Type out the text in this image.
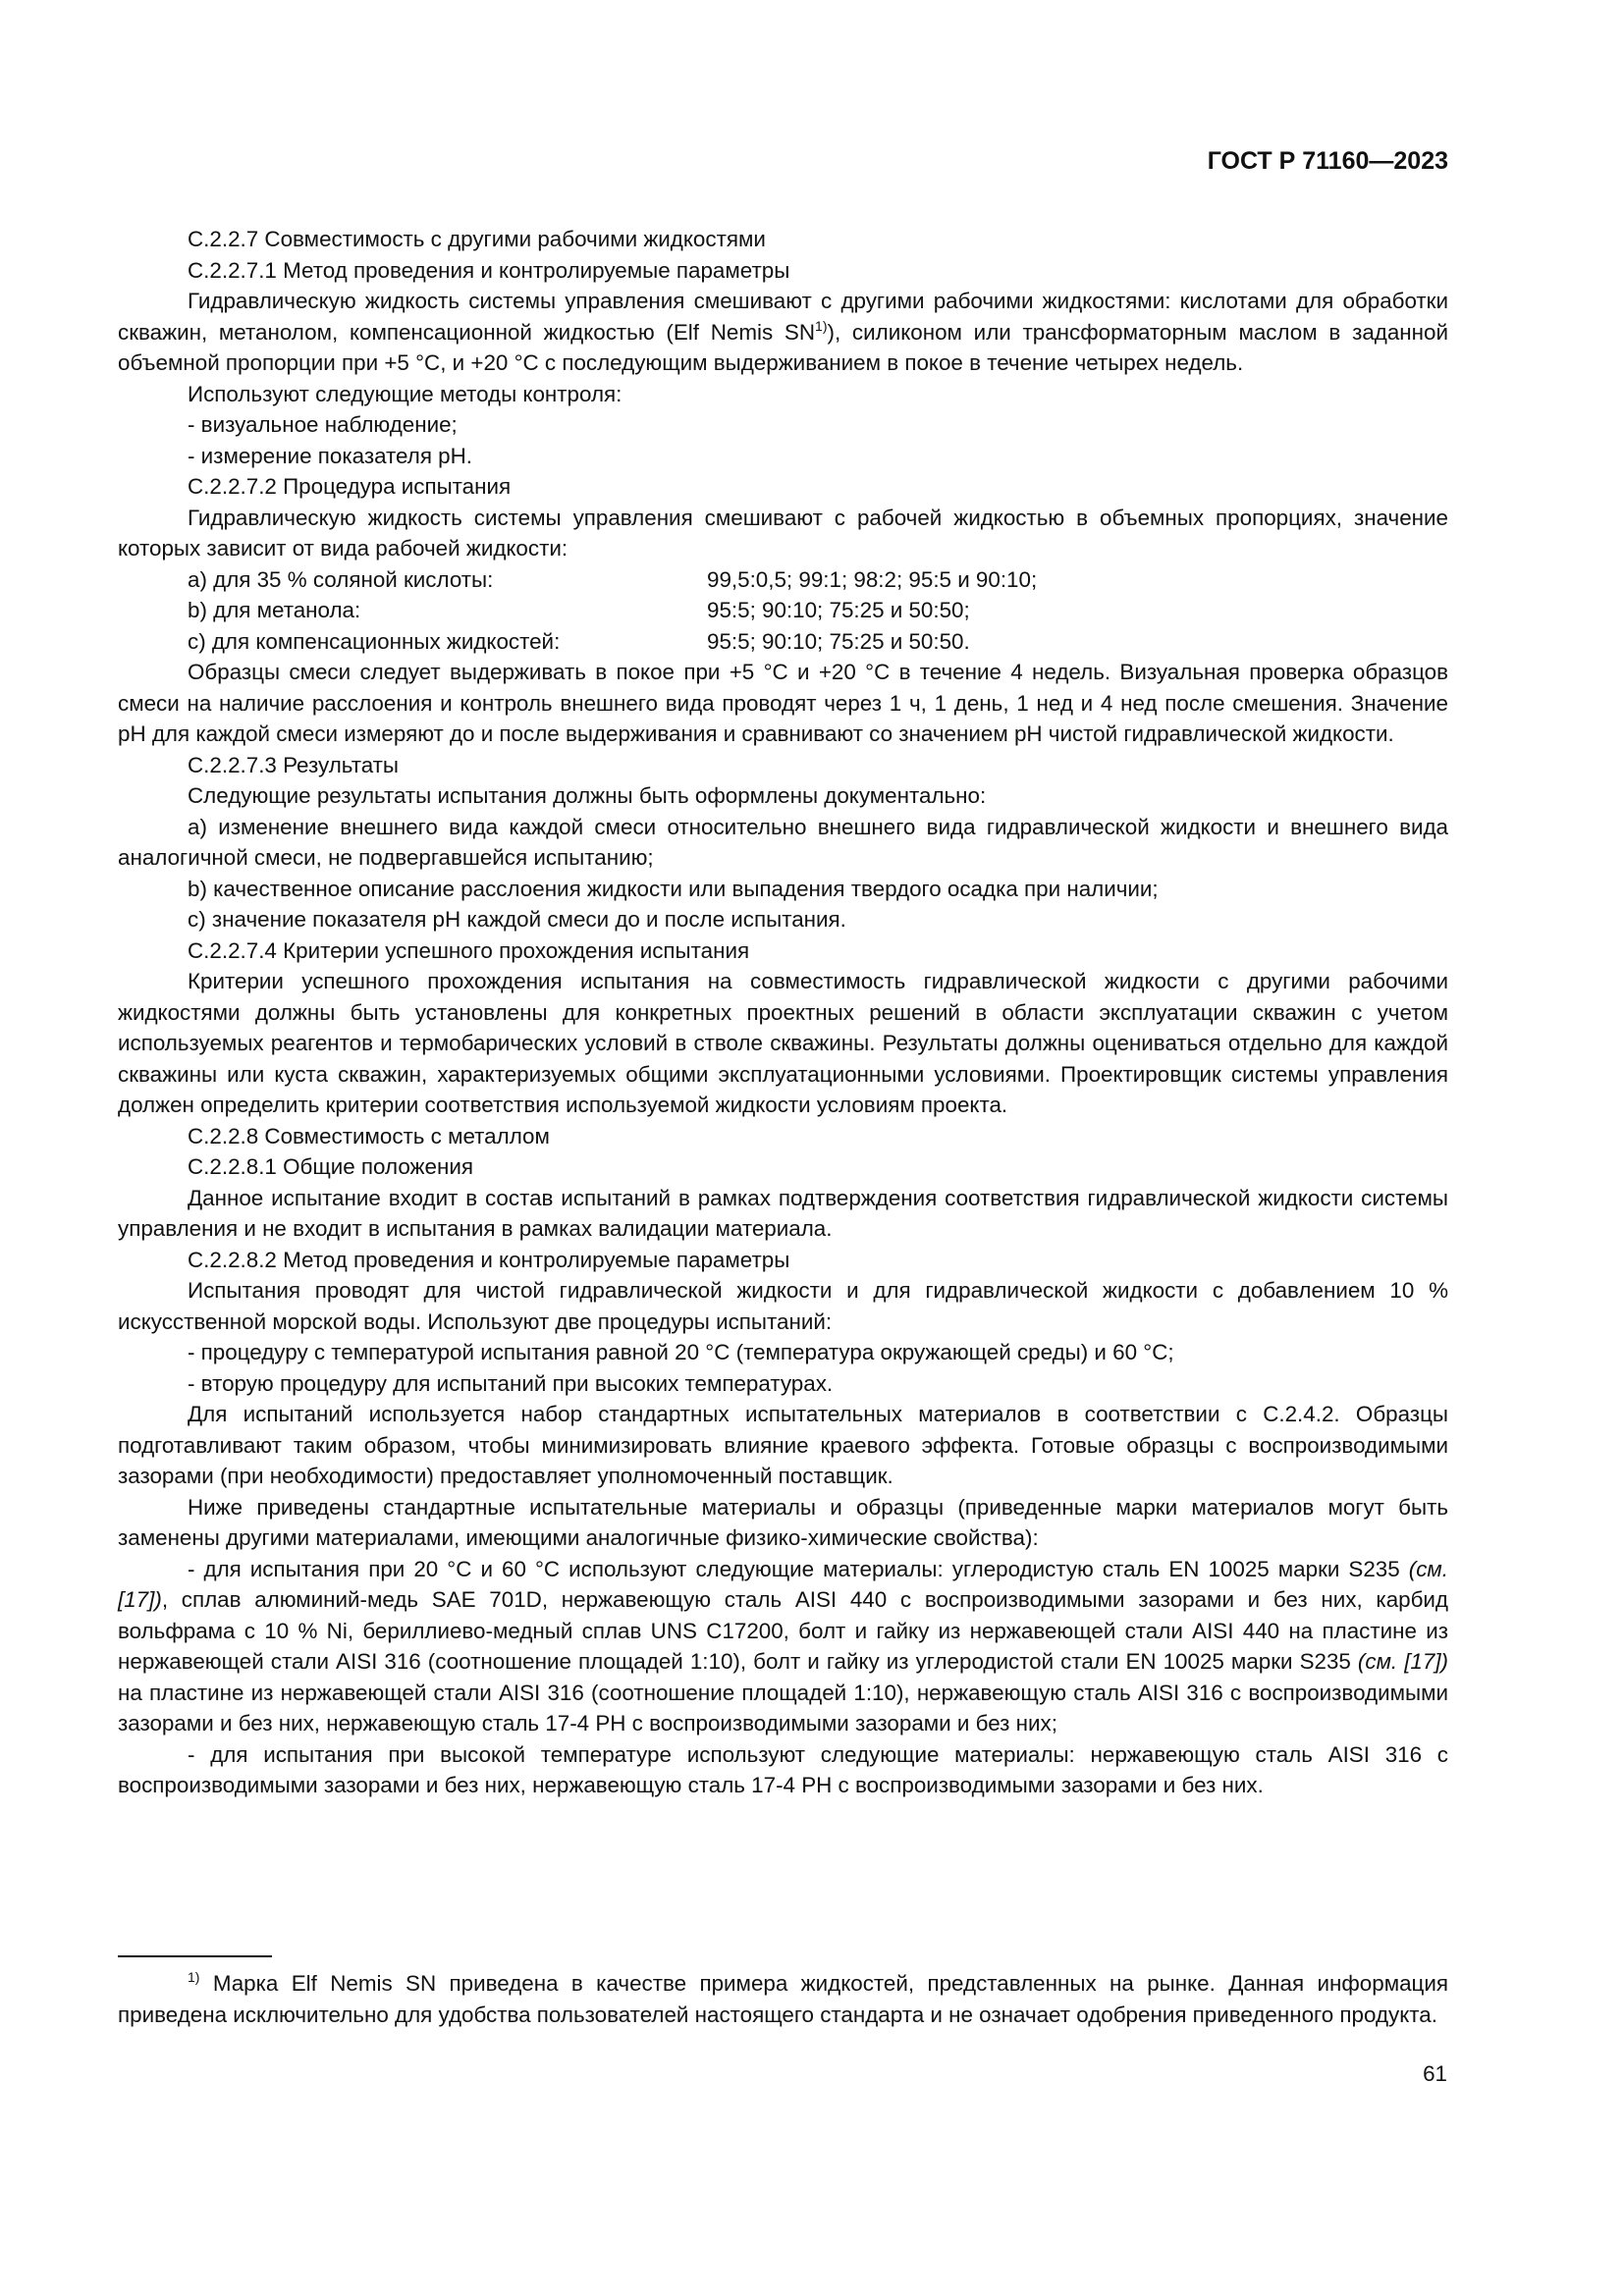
ГОСТ Р 71160—2023

С.2.2.7 Совместимость с другими рабочими жидкостями

С.2.2.7.1 Метод проведения и контролируемые параметры

Гидравлическую жидкость системы управления смешивают с другими рабочими жидкостями: кислотами для обработки скважин, метанолом, компенсационной жидкостью (Elf Nemis SN$^{1)}$), силиконом или трансформаторным маслом в заданной объемной пропорции при +5 °С, и +20 °С с последующим выдерживанием в покое в течение четырех недель.

Используют следующие методы контроля:

- визуальное наблюдение;

- измерение показателя pH.

С.2.2.7.2 Процедура испытания

Гидравлическую жидкость системы управления смешивают с рабочей жидкостью в объемных пропорциях, значение которых зависит от вида рабочей жидкости:

a) для 35 % соляной кислоты:	99,5:0,5; 99:1; 98:2; 95:5 и 90:10;
b) для метанола:	95:5; 90:10; 75:25 и 50:50;
c) для компенсационных жидкостей:	95:5; 90:10; 75:25 и 50:50.

Образцы смеси следует выдерживать в покое при +5 °С и +20 °С в течение 4 недель. Визуальная проверка образцов смеси на наличие расслоения и контроль внешнего вида проводят через 1 ч, 1 день, 1 нед и 4 нед после смешения. Значение pH для каждой смеси измеряют до и после выдерживания и сравнивают со значением pH чистой гидравлической жидкости.

С.2.2.7.3 Результаты

Следующие результаты испытания должны быть оформлены документально:

a) изменение внешнего вида каждой смеси относительно внешнего вида гидравлической жидкости и внешнего вида аналогичной смеси, не подвергавшейся испытанию;

b) качественное описание расслоения жидкости или выпадения твердого осадка при наличии;

c) значение показателя pH каждой смеси до и после испытания.

С.2.2.7.4 Критерии успешного прохождения испытания

Критерии успешного прохождения испытания на совместимость гидравлической жидкости с другими рабочими жидкостями должны быть установлены для конкретных проектных решений в области эксплуатации скважин с учетом используемых реагентов и термобарических условий в стволе скважины. Результаты должны оцениваться отдельно для каждой скважины или куста скважин, характеризуемых общими эксплуатационными условиями. Проектировщик системы управления должен определить критерии соответствия используемой жидкости условиям проекта.

С.2.2.8 Совместимость с металлом

С.2.2.8.1 Общие положения

Данное испытание входит в состав испытаний в рамках подтверждения соответствия гидравлической жидкости системы управления и не входит в испытания в рамках валидации материала.

С.2.2.8.2 Метод проведения и контролируемые параметры

Испытания проводят для чистой гидравлической жидкости и для гидравлической жидкости с добавлением 10 % искусственной морской воды. Используют две процедуры испытаний:

- процедуру с температурой испытания равной 20 °С (температура окружающей среды) и 60 °С;

- вторую процедуру для испытаний при высоких температурах.

Для испытаний используется набор стандартных испытательных материалов в соответствии с С.2.4.2. Образцы подготавливают таким образом, чтобы минимизировать влияние краевого эффекта. Готовые образцы с воспроизводимыми зазорами (при необходимости) предоставляет уполномоченный поставщик.

Ниже приведены стандартные испытательные материалы и образцы (приведенные марки материалов могут быть заменены другими материалами, имеющими аналогичные физико-химические свойства):

- для испытания при 20 °С и 60 °С используют следующие материалы: углеродистую сталь EN 10025 марки S235 (см. [17]), сплав алюминий-медь SAE 701D, нержавеющую сталь AISI 440 с воспроизводимыми зазорами и без них, карбид вольфрама с 10 % Ni, бериллиево-медный сплав UNS C17200, болт и гайку из нержавеющей стали AISI 440 на пластине из нержавеющей стали AISI 316 (соотношение площадей 1:10), болт и гайку из углеродистой стали EN 10025 марки S235 (см. [17]) на пластине из нержавеющей стали AISI 316 (соотношение площадей 1:10), нержавеющую сталь AISI 316 с воспроизводимыми зазорами и без них, нержавеющую сталь 17-4 PH с воспроизводимыми зазорами и без них;

- для испытания при высокой температуре используют следующие материалы: нержавеющую сталь AISI 316 с воспроизводимыми зазорами и без них, нержавеющую сталь 17-4 PH с воспроизводимыми зазорами и без них.

$^{1)}$ Марка Elf Nemis SN приведена в качестве примера жидкостей, представленных на рынке. Данная информация приведена исключительно для удобства пользователей настоящего стандарта и не означает одобрения приведенного продукта.

61
